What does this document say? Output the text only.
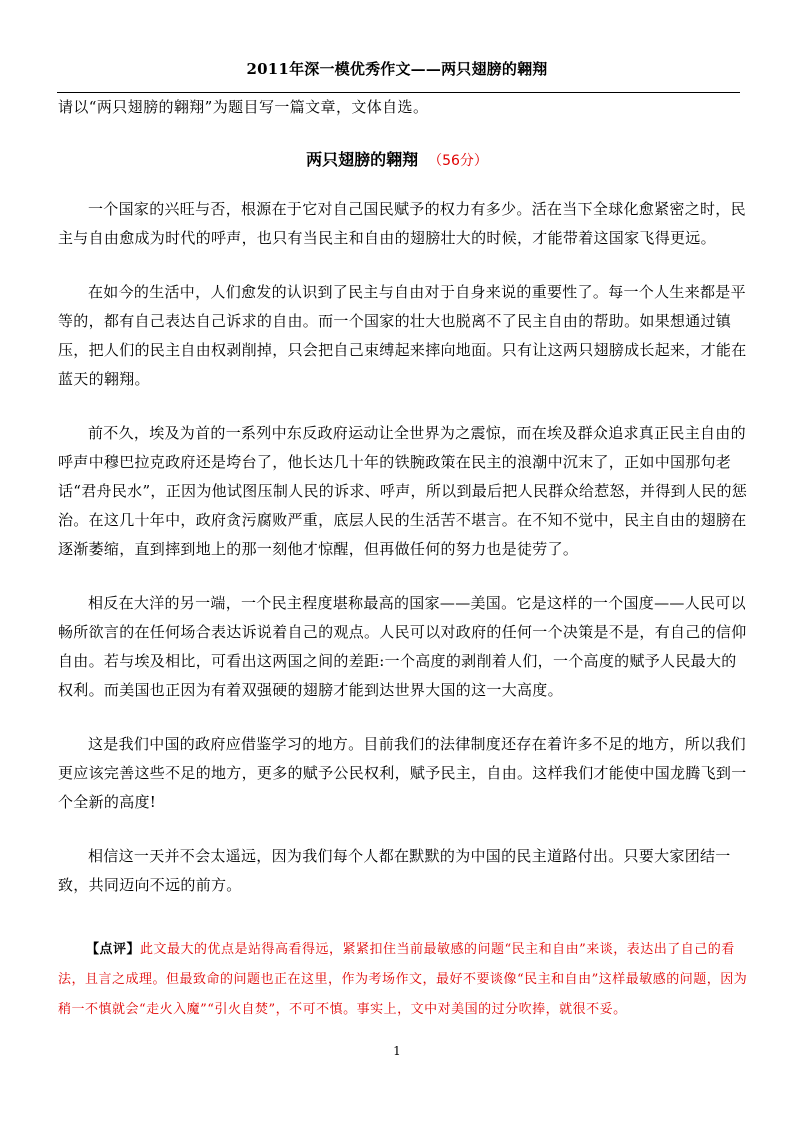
2011年深一模优秀作文——两只翅膀的翱翔
请以“两只翅膀的翱翔”为题目写一篇文章，文体自选。
两只翅膀的翱翔 （56分）

一个国家的兴旺与否，根源在于它对自己国民赋予的权力有多少。活在当下全球化愈紧密之时，民主与自由愈成为时代的呼声，也只有当民主和自由的翅膀壮大的时候，才能带着这国家飞得更远。

在如今的生活中，人们愈发的认识到了民主与自由对于自身来说的重要性了。每一个人生来都是平等的，都有自己表达自己诉求的自由。而一个国家的壮大也脱离不了民主自由的帮助。如果想通过镇压，把人们的民主自由权剥削掉，只会把自己束缚起来摔向地面。只有让这两只翅膀成长起来，才能在蓝天的翱翔。

前不久，埃及为首的一系列中东反政府运动让全世界为之震惊，而在埃及群众追求真正民主自由的呼声中穆巴拉克政府还是垮台了，他长达几十年的铁腕政策在民主的浪潮中沉末了，正如中国那句老话“君舟民水”，正因为他试图压制人民的诉求、呼声，所以到最后把人民群众给惹怒，并得到人民的惩治。在这几十年中，政府贪污腐败严重，底层人民的生活苦不堪言。在不知不觉中，民主自由的翅膀在逐渐萎缩，直到摔到地上的那一刻他才惊醒，但再做任何的努力也是徒劳了。

相反在大洋的另一端，一个民主程度堪称最高的国家——美国。它是这样的一个国度——人民可以畅所欲言的在任何场合表达诉说着自己的观点。人民可以对政府的任何一个决策是不是，有自己的信仰自由。若与埃及相比，可看出这两国之间的差距:一个高度的剥削着人们，一个高度的赋予人民最大的权利。而美国也正因为有着双强硬的翅膀才能到达世界大国的这一大高度。

这是我们中国的政府应借鉴学习的地方。目前我们的法律制度还存在着许多不足的地方，所以我们更应该完善这些不足的地方，更多的赋予公民权利，赋予民主，自由。这样我们才能使中国龙腾飞到一个全新的高度!

相信这一天并不会太遥远，因为我们每个人都在默默的为中国的民主道路付出。只要大家团结一致，共同迈向不远的前方。

【点评】此文最大的优点是站得高看得远，紧紧扣住当前最敏感的问题“民主和自由”来谈，表达出了自己的看法，且言之成理。但最致命的问题也正在这里，作为考场作文，最好不要谈像“民主和自由”这样最敏感的问题，因为稍一不慎就会“走火入魔”“引火自焚”，不可不慎。事实上，文中对美国的过分吹捧，就很不妥。
1
